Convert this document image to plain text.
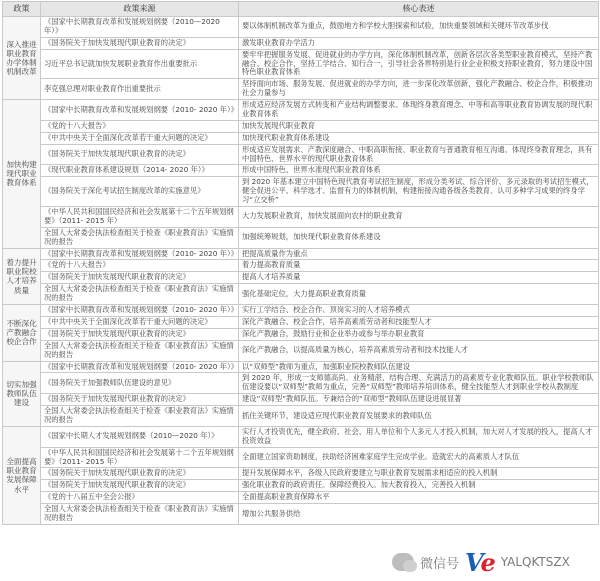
政策	政策来源	核心表述
深入推进职业教育办学体制机制改革	《国家中长期教育改革和发展规划纲要（2010—2020 年）》	要以体制机制改革为重点，鼓励地方和学校大胆探索和试验，加快重要领域和关键环节改革步伐
	《国务院关于加快发展现代职业教育的决定》	激发职业教育办学活力
	习近平总书记就加快发展职业教育作出重要批示	要牢牢把握服务发展、促进就业的办学方向，深化体制机制改革，创新各层次各类型职业教育模式，坚持产教融合、校企合作，坚持工学结合、知行合一，引导社会各界特别是行业企业积极支持职业教育，努力建设中国特色职业教育体系
	李克强总理对职业教育作出重要批示	坚持面向市场、服务发展、促进就业的办学方向，进一步深化改革创新，强化产教融合、校企合作，积极推动社会力量参与
加快构建现代职业教育体系	《国家中长期教育改革和发展规划纲要（2010- 2020 年）》	形成适应经济发展方式转变和产业结构调整要求、体现终身教育理念、中等和高等职业教育协调发展的现代职业教育体系
	《党的十八大报告》	加快发展现代职业教育
	《中共中央关于全面深化改革若干重大问题的决定》	加快现代职业教育体系建设
	《国务院关于加快发展现代职业教育的决定》	形成适应发展需求、产教深度融合、中职高职衔接、职业教育与普通教育相互沟通、体现终身教育理念，具有中国特色、世界水平的现代职业教育体系
	《现代职业教育体系建设规划（2014- 2020 年）》	形成中国特色、世界水准现代职业教育体系
	《国务院关于深化考试招生制度改革的实施意见》	到 2020 年基本建立中国特色现代教育考试招生制度，形成分类考试、综合评价、多元录取的考试招生模式，健全促进公平、科学选才、监督有力的体制机制，构建衔接沟通各级各类教育、认可多种学习成果的终身学习“立交桥”
	《中华人民共和国国民经济和社会发展第十二个五年规划纲要》（2011- 2015 年）	大力发展职业教育，加快发展面向农村的职业教育
	全国人大常委会执法检查组关于检查《职业教育法》实施情况的报告	加强统筹规划，加快现代职业教育体系建设
着力提升职业院校人才培养质量	《国家中长期教育改革和发展规划纲要（2010- 2020 年）》	把提高质量作为重点
	《党的十八大报告》	着力提高教育质量
	《国务院关于加快发展现代职业教育的决定》	提高人才培养质量
	全国人大常委会执法检查组关于检查《职业教育法》实施情况的报告	强化基础定位，大力提高职业教育质量
不断深化产教融合校企合作	《国家中长期教育改革和发展规划纲要（2010- 2020 年）》	实行工学结合、校企合作、顶岗实习的人才培养模式
	《中共中央关于全面深化改革若干重大问题的决定》	深化产教融合、校企合作，培养高素质劳动者和技能型人才
	《国务院关于加快发展现代职业教育的决定》	深化产教融合，鼓励行业和企业举办或参与举办职业教育
	全国人大常委会执法检查组关于检查《职业教育法》实施情况的报告	深化产教融合，以提高质量为核心，培养高素质劳动者和技术技能人才
切实加强教师队伍建设	《国家中长期教育改革和发展规划纲要（2010- 2020 年）》	以“双师型”教师为重点，加强职业院校教师队伍建设
	《国务院关于加强教师队伍建设的意见》	到 2020 年，形成一支师德高尚、业务精湛、结构合理、充满活力的高素质专业化教师队伍。职业学校教师队伍建设要以“双师型”教师为重点，完善“双师型”教师培养培训体系，健全技能型人才到职业学校从教制度
	《国务院关于加快发展现代职业教育的决定》	建设“双师型”教师队伍。专兼结合的“双师型”教师队伍建设进展显著
	全国人大常委会执法检查组关于检查《职业教育法》实施情况的报告	抓住关键环节，建设适应现代职业教育发展要求的教师队伍
全面提高职业教育发展保障水平	《国家中长期人才发展规划纲要（2010—2020 年）》	实行人才投资优先，健全政府、社会、用人单位和个人多元人才投入机制，加大对人才发展的投入，提高人才投资效益
	《中华人民共和国国民经济和社会发展第十二个五年规划纲要》（2011- 2015 年）	全面建立国家资助制度，扶助经济困难家庭学生完成学业。造就宏大的高素质人才队伍
	《国务院关于加快发展现代职业教育的决定》	提升发展保障水平，各级人民政府要建立与职业教育发展需求相适应的投入机制
	《国务院关于加快发展现代职业教育的决定》	强化职业教育的政府责任。保障经费投入。加大教育投入，完善投入机制
	《党的十八届五中全会公报》	全面提高职业教育保障水平
	全国人大常委会执法检查组关于检查《职业教育法》实施情况的报告	增加公共服务供给
微信号 Ve YALQKTSZX
